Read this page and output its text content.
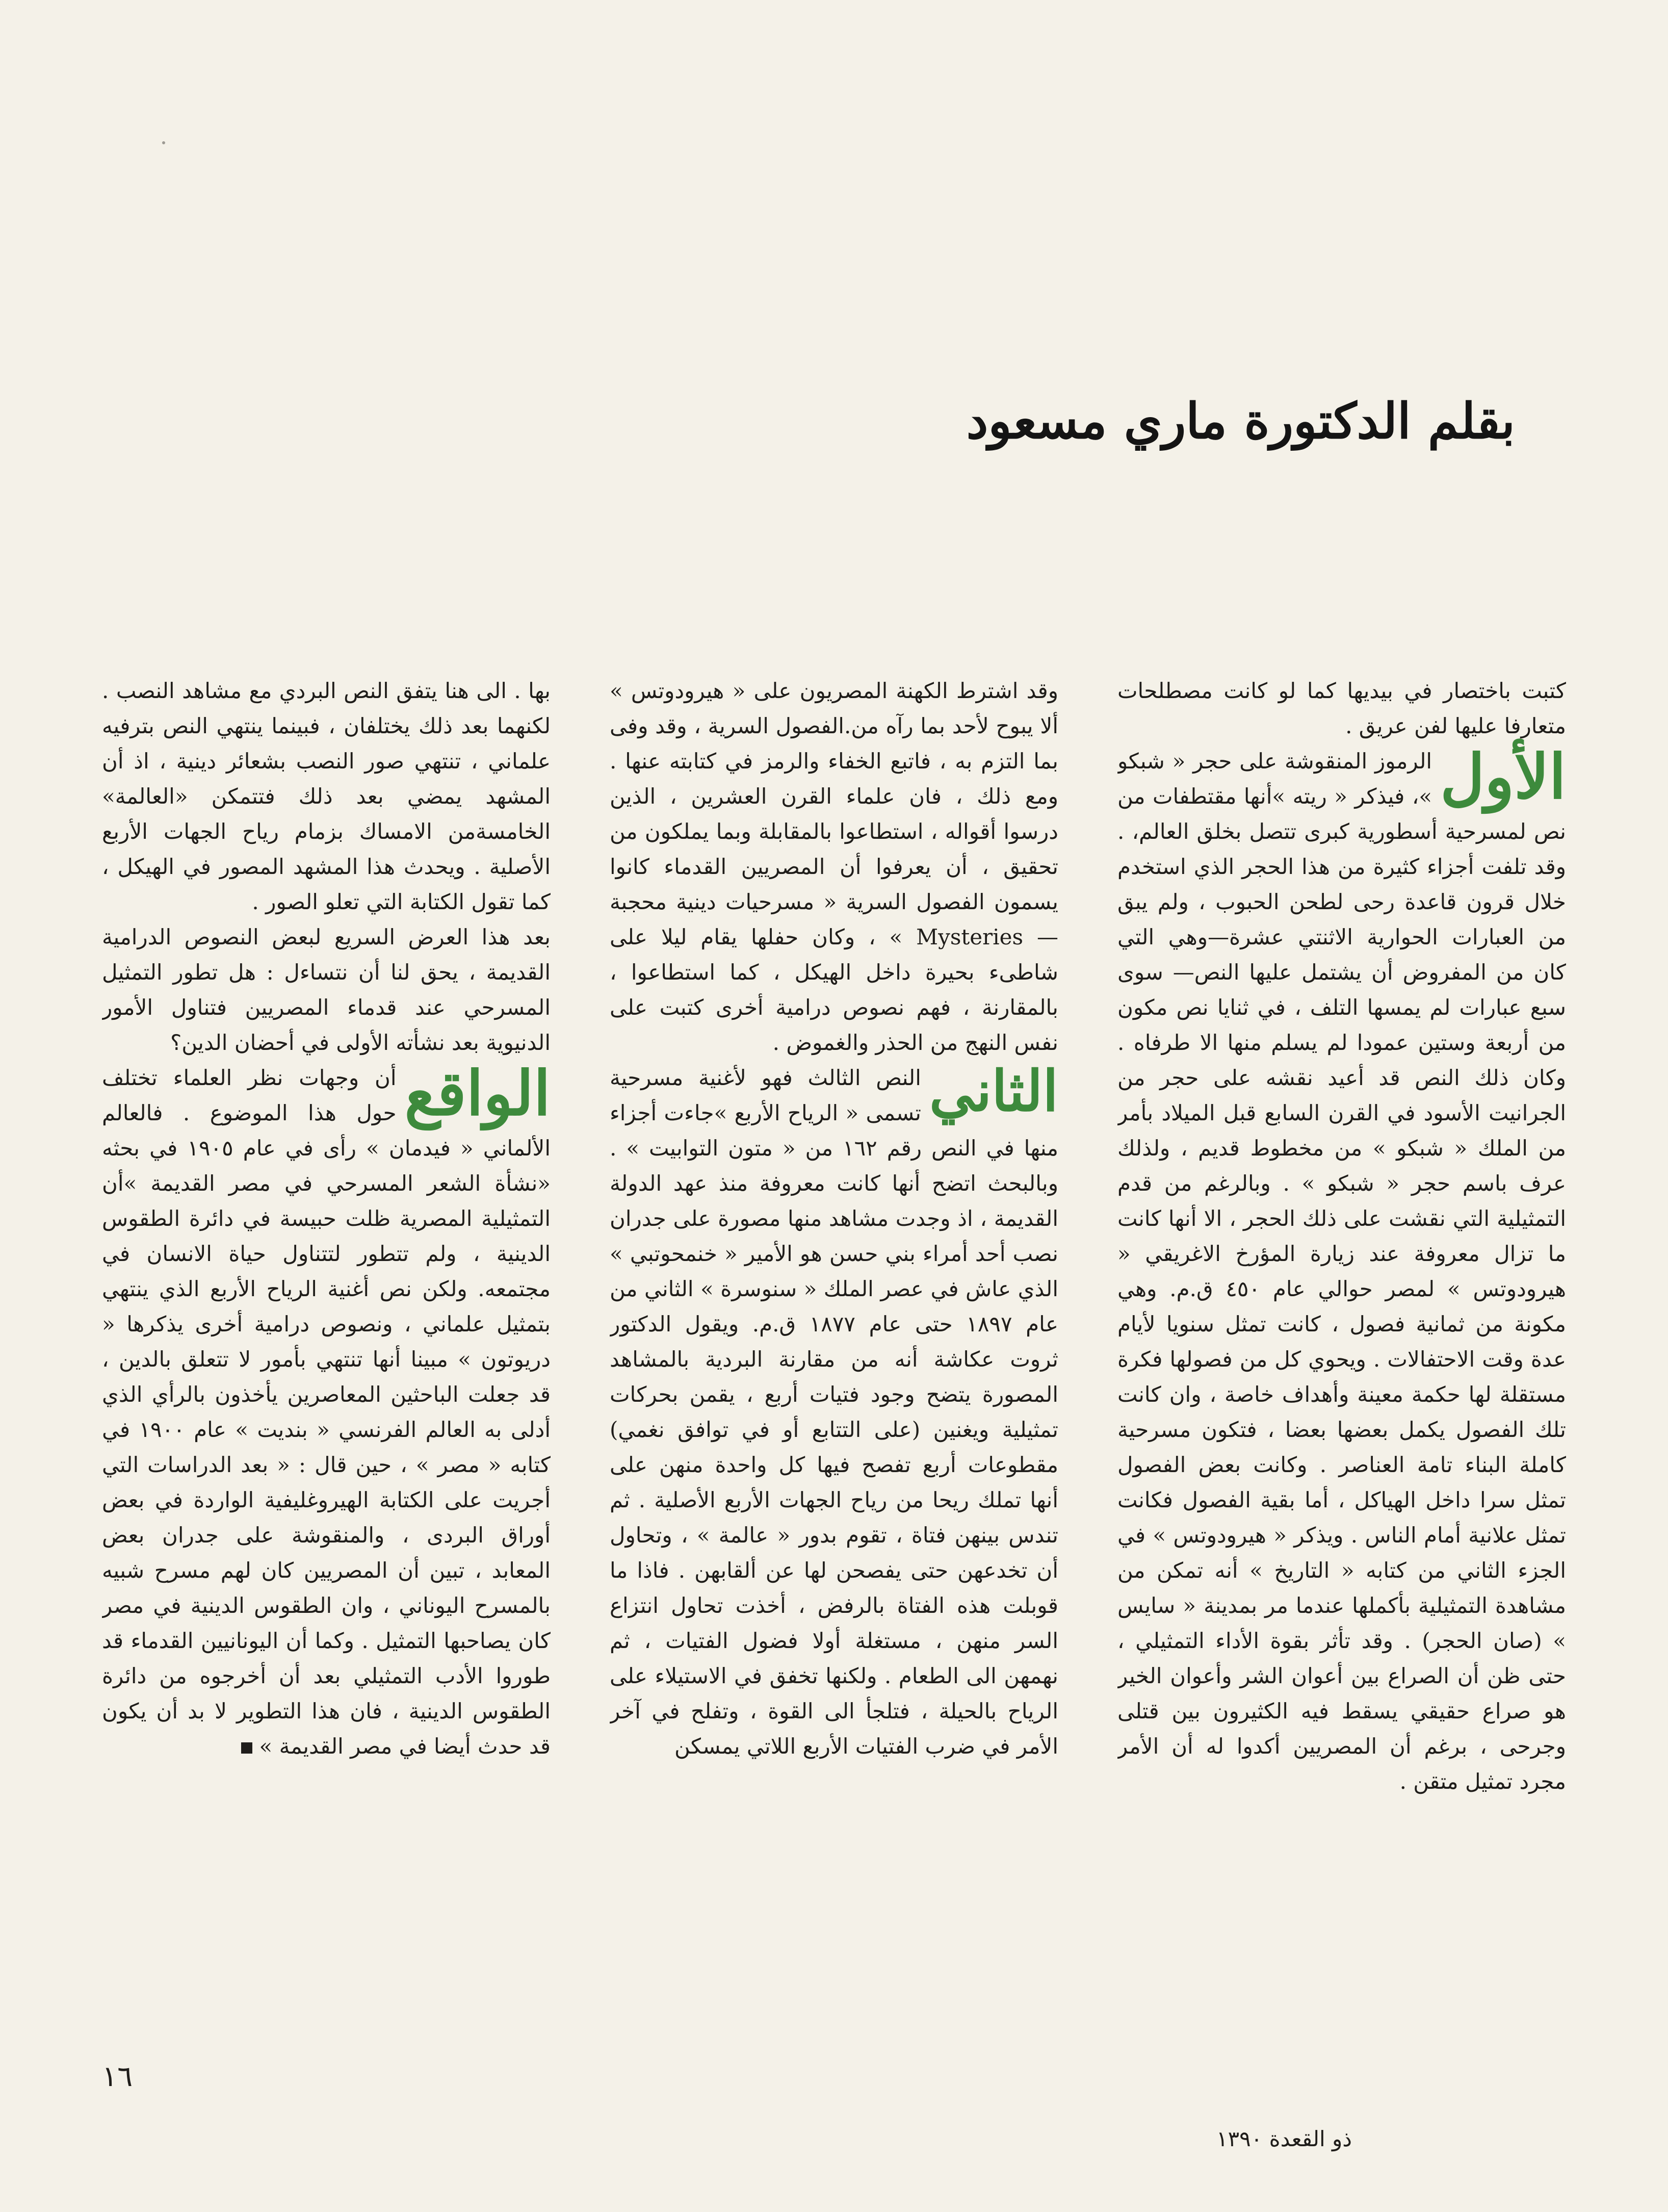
بقلم الدكتورة ماري مسعود

كتبت باختصار في بيديها كما لو كانت مصطلحات متعارفا عليها لفن عريق .

الأول
الرموز المنقوشة على حجر « شبكو »، فيذكر « ريته »أنها مقتطفات من نص لمسرحية أسطورية كبرى تتصل بخلق العالم، . وقد تلفت أجزاء كثيرة من هذا الحجر الذي استخدم خلال قرون قاعدة رحى لطحن الحبوب ، ولم يبق من العبارات الحوارية الاثنتي عشرة—وهي التي كان من المفروض أن يشتمل عليها النص— سوى سبع عبارات لم يمسها التلف ، في ثنايا نص مكون من أربعة وستين عمودا لم يسلم منها الا طرفاه . وكان ذلك النص قد أعيد نقشه على حجر من الجرانيت الأسود في القرن السابع قبل الميلاد بأمر من الملك « شبكو » من مخطوط قديم ، ولذلك عرف باسم حجر « شبكو » . وبالرغم من قدم التمثيلية التي نقشت على ذلك الحجر ، الا أنها كانت ما تزال معروفة عند زيارة المؤرخ الاغريقي « هيرودوتس » لمصر حوالي عام ٤٥٠ ق.م. وهي مكونة من ثمانية فصول ، كانت تمثل سنويا لأيام عدة وقت الاحتفالات . ويحوي كل من فصولها فكرة مستقلة لها حكمة معينة وأهداف خاصة ، وان كانت تلك الفصول يكمل بعضها بعضا ، فتكون مسرحية كاملة البناء تامة العناصر . وكانت بعض الفصول تمثل سرا داخل الهياكل ، أما بقية الفصول فكانت تمثل علانية أمام الناس . ويذكر « هيرودوتس » في الجزء الثاني من كتابه « التاريخ » أنه تمكن من مشاهدة التمثيلية بأكملها عندما مر بمدينة « سايس » (صان الحجر) . وقد تأثر بقوة الأداء التمثيلي ، حتى ظن أن الصراع بين أعوان الشر وأعوان الخير هو صراع حقيقي يسقط فيه الكثيرون بين قتلى وجرحى ، برغم أن المصريين أكدوا له أن الأمر مجرد تمثيل متقن .

وقد اشترط الكهنة المصريون على « هيرودوتس » ألا يبوح لأحد بما رآه من.الفصول السرية ، وقد وفى بما التزم به ، فاتبع الخفاء والرمز في كتابته عنها . ومع ذلك ، فان علماء القرن العشرين ، الذين درسوا أقواله ، استطاعوا بالمقابلة وبما يملكون من تحقيق ، أن يعرفوا أن المصريين القدماء كانوا يسمون الفصول السرية « مسرحيات دينية محجبة — Mysteries » ، وكان حفلها يقام ليلا على شاطىء بحيرة داخل الهيكل ، كما استطاعوا ، بالمقارنة ، فهم نصوص درامية أخرى كتبت على نفس النهج من الحذر والغموض .

الثاني
النص الثالث فهو لأغنية مسرحية تسمى « الرياح الأربع »جاءت أجزاء منها في النص رقم ١٦٢ من « متون التوابيت » . وبالبحث اتضح أنها كانت معروفة منذ عهد الدولة القديمة ، اذ وجدت مشاهد منها مصورة على جدران نصب أحد أمراء بني حسن هو الأمير « خنمحوتبي » الذي عاش في عصر الملك « سنوسرة » الثاني من عام ١٨٩٧ حتى عام ١٨٧٧ ق.م. ويقول الدكتور ثروت عكاشة أنه من مقارنة البردية بالمشاهد المصورة يتضح وجود فتيات أربع ، يقمن بحركات تمثيلية ويغنين (على التتابع أو في توافق نغمي) مقطوعات أربع تفصح فيها كل واحدة منهن على أنها تملك ريحا من رياح الجهات الأربع الأصلية . ثم تندس بينهن فتاة ، تقوم بدور « عالمة » ، وتحاول أن تخدعهن حتى يفصحن لها عن ألقابهن . فاذا ما قوبلت هذه الفتاة بالرفض ، أخذت تحاول انتزاع السر منهن ، مستغلة أولا فضول الفتيات ، ثم نهمهن الى الطعام . ولكنها تخفق في الاستيلاء على الرياح بالحيلة ، فتلجأ الى القوة ، وتفلح في آخر الأمر في ضرب الفتيات الأربع اللاتي يمسكن

بها . الى هنا يتفق النص البردي مع مشاهد النصب . لكنهما بعد ذلك يختلفان ، فبينما ينتهي النص بترفيه علماني ، تنتهي صور النصب بشعائر دينية ، اذ أن المشهد يمضي بعد ذلك فتتمكن «العالمة» الخامسةمن الامساك بزمام رياح الجهات الأربع الأصلية . ويحدث هذا المشهد المصور في الهيكل ، كما تقول الكتابة التي تعلو الصور .

بعد هذا العرض السريع لبعض النصوص الدرامية القديمة ، يحق لنا أن نتساءل : هل تطور التمثيل المسرحي عند قدماء المصريين فتناول الأمور الدنيوية بعد نشأته الأولى في أحضان الدين؟

الواقع
أن وجهات نظر العلماء تختلف حول هذا الموضوع . فالعالم الألماني « فيدمان » رأى في عام ١٩٠٥ في بحثه «نشأة الشعر المسرحي في مصر القديمة »أن التمثيلية المصرية ظلت حبيسة في دائرة الطقوس الدينية ، ولم تتطور لتتناول حياة الانسان في مجتمعه. ولكن نص أغنية الرياح الأربع الذي ينتهي بتمثيل علماني ، ونصوص درامية أخرى يذكرها « دريوتون » مبينا أنها تنتهي بأمور لا تتعلق بالدين ، قد جعلت الباحثين المعاصرين يأخذون بالرأي الذي أدلى به العالم الفرنسي « بنديت » عام ١٩٠٠ في كتابه « مصر » ، حين قال : « بعد الدراسات التي أجريت على الكتابة الهيروغليفية الواردة في بعض أوراق البردى ، والمنقوشة على جدران بعض المعابد ، تبين أن المصريين كان لهم مسرح شبيه بالمسرح اليوناني ، وان الطقوس الدينية في مصر كان يصاحبها التمثيل . وكما أن اليونانيين القدماء قد طوروا الأدب التمثيلي بعد أن أخرجوه من دائرة الطقوس الدينية ، فان هذا التطوير لا بد أن يكون قد حدث أيضا في مصر القديمة »

١٦
ذو القعدة ١٣٩٠
